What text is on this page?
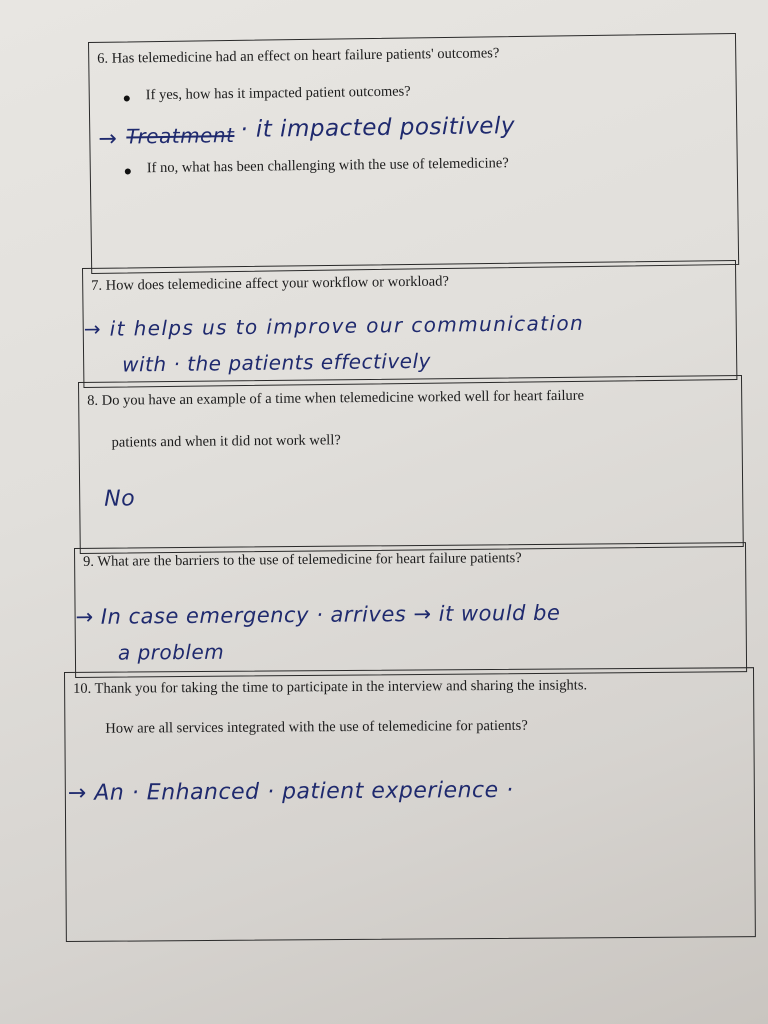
6. Has telemedicine had an effect on heart failure patients' outcomes?
If yes, how has it impacted patient outcomes?
→ Treatment · it impacted positively
If no, what has been challenging with the use of telemedicine?
7. How does telemedicine affect your workflow or workload?
→ it helps us to improve our communication
with · the patients effectively
8. Do you have an example of a time when telemedicine worked well for heart failure
patients and when it did not work well?
No
9. What are the barriers to the use of telemedicine for heart failure patients?
→ In case emergency · arrives → it would be
a problem
10. Thank you for taking the time to participate in the interview and sharing the insights.
How are all services integrated with the use of telemedicine for patients?
→ An · Enhanced · patient experience ·
